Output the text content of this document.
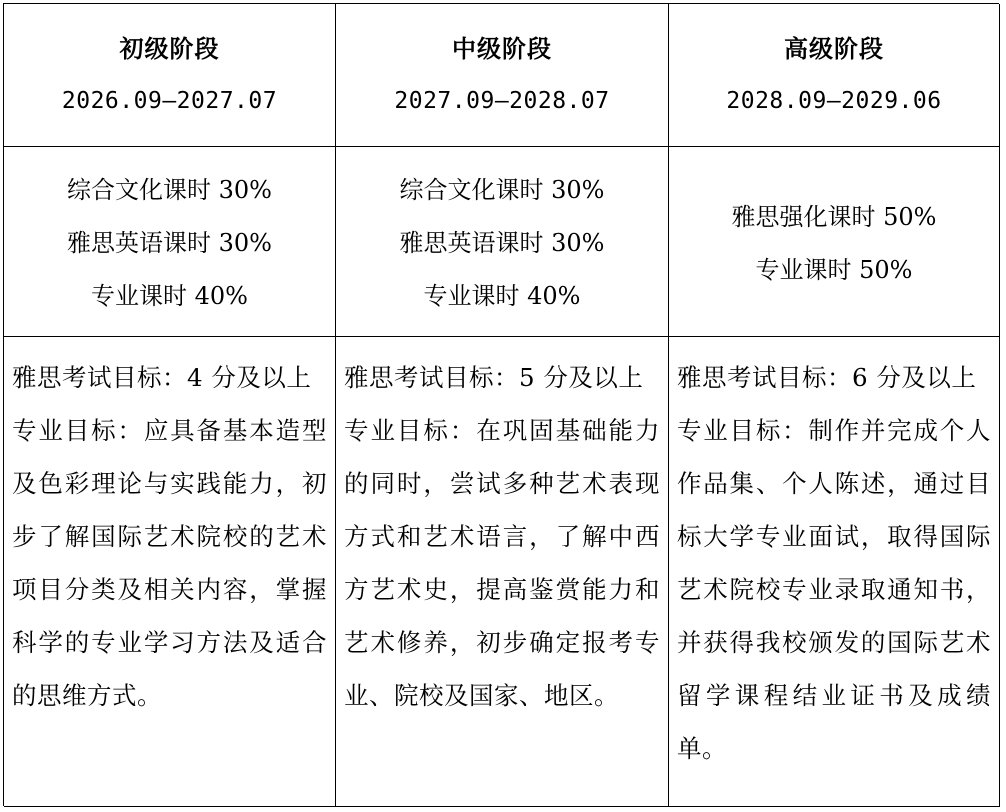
初级阶段
2026.09—2027.07
中级阶段
2027.09—2028.07
高级阶段
2028.09—2029.06
综合文化课时 30%
雅思英语课时 30%
专业课时 40%
综合文化课时 30%
雅思英语课时 30%
专业课时 40%
雅思强化课时 50%
专业课时 50%

雅思考试目标：4 分及以上

专业目标：应具备基本造型及色彩理论与实践能力，初步了解国际艺术院校的艺术项目分类及相关内容，掌握科学的专业学习方法及适合的思维方式。

雅思考试目标：5 分及以上

专业目标：在巩固基础能力的同时，尝试多种艺术表现方式和艺术语言，了解中西方艺术史，提高鉴赏能力和艺术修养，初步确定报考专业、院校及国家、地区。

雅思考试目标：6 分及以上

专业目标：制作并完成个人作品集、个人陈述，通过目标大学专业面试，取得国际艺术院校专业录取通知书，并获得我校颁发的国际艺术留学课程结业证书及成绩单。
